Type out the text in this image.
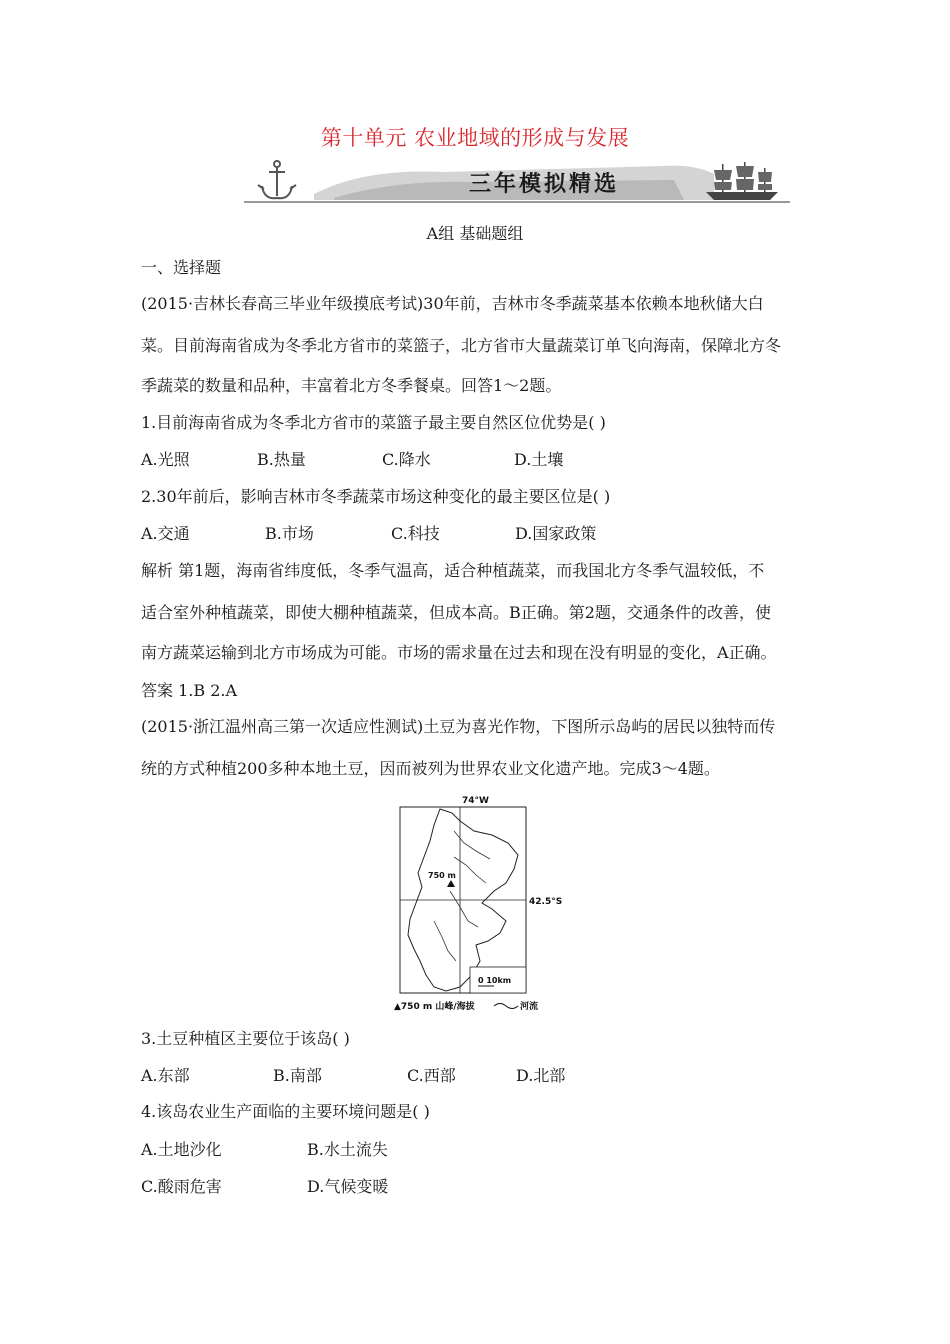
第十单元 农业地域的形成与发展
三年模拟精选
A组 基础题组
一、选择题
(2015·吉林长春高三毕业年级摸底考试)30年前，吉林市冬季蔬菜基本依赖本地秋储大白
菜。目前海南省成为冬季北方省市的菜篮子，北方省市大量蔬菜订单飞向海南，保障北方冬
季蔬菜的数量和品种，丰富着北方冬季餐桌。回答1～2题。
1.目前海南省成为冬季北方省市的菜篮子最主要自然区位优势是( )
A.光照	B.热量	C.降水	D.土壤
2.30年前后，影响吉林市冬季蔬菜市场这种变化的最主要区位是( )
A.交通	B.市场	C.科技	D.国家政策
解析 第1题，海南省纬度低，冬季气温高，适合种植蔬菜，而我国北方冬季气温较低，不
适合室外种植蔬菜，即使大棚种植蔬菜，但成本高。B正确。第2题，交通条件的改善，使
南方蔬菜运输到北方市场成为可能。市场的需求量在过去和现在没有明显的变化，A正确。
答案 1.B 2.A
(2015·浙江温州高三第一次适应性测试)土豆为喜光作物，下图所示岛屿的居民以独特而传
统的方式种植200多种本地土豆，因而被列为世界农业文化遗产地。完成3～4题。
74°W
42.5°S
750 m
0 10km
▲750 m 山峰/海拔	河流
3.土豆种植区主要位于该岛( )
A.东部	B.南部	C.西部	D.北部
4.该岛农业生产面临的主要环境问题是( )
A.土地沙化	B.水土流失
C.酸雨危害	D.气候变暖
